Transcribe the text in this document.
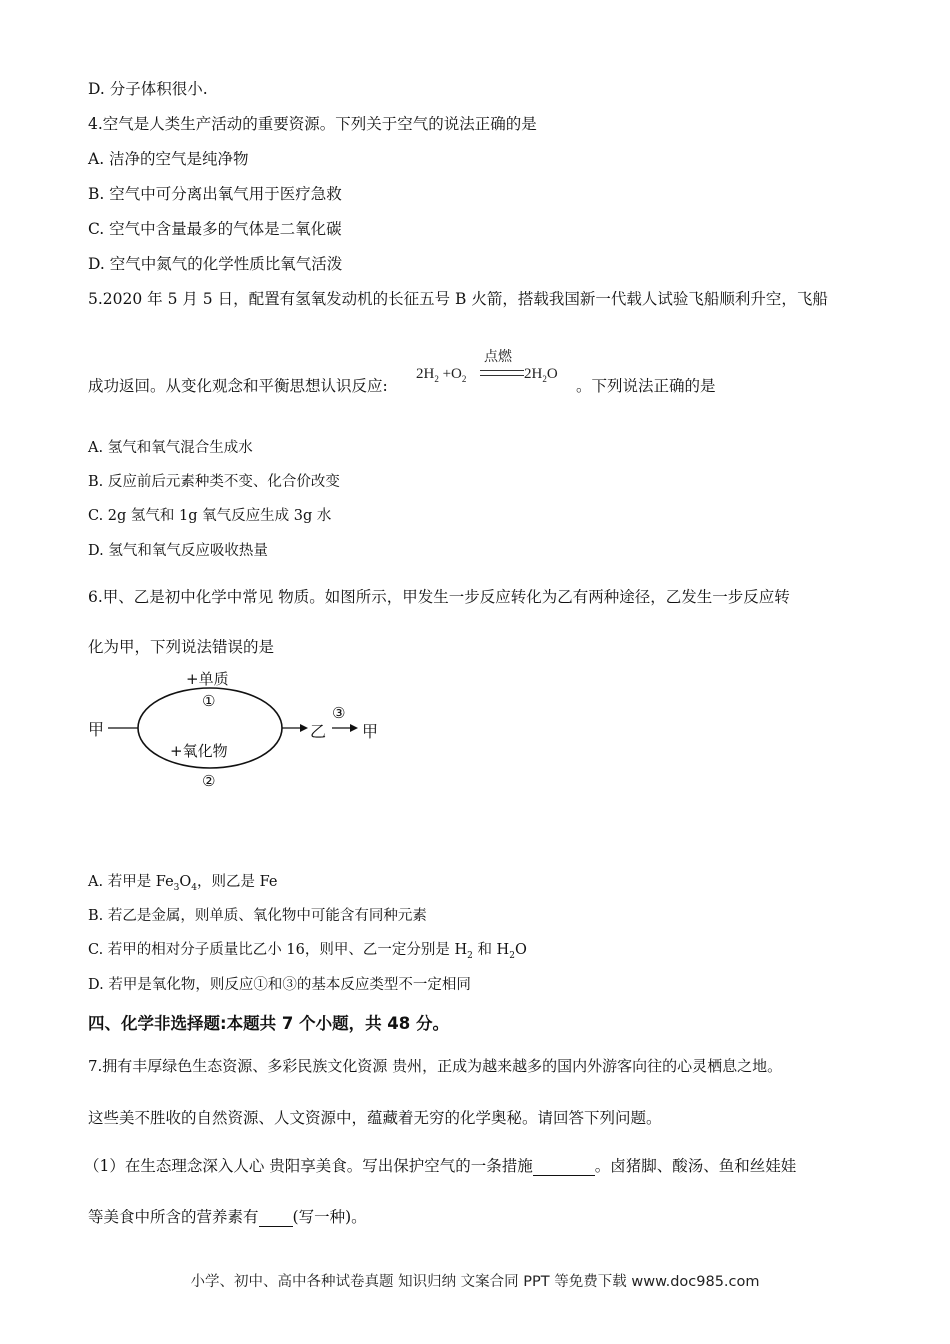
D. 分子体积很小.
4.空气是人类生产活动的重要资源。下列关于空气的说法正确的是
A. 洁净的空气是纯净物
B. 空气中可分离出氧气用于医疗急救
C. 空气中含量最多的气体是二氧化碳
D. 空气中氮气的化学性质比氧气活泼
5.2020 年 5 月 5 日，配置有氢氧发动机的长征五号 B 火箭，搭载我国新一代载人试验飞船顺利升空，飞船
成功返回。从变化观念和平衡思想认识反应:
点燃
$2H_2 +O_2$	$2H_2O$
。下列说法正确的是
A. 氢气和氧气混合生成水
B. 反应前后元素种类不变、化合价改变
C. 2g 氢气和 1g 氧气反应生成 3g 水
D. 氢气和氧气反应吸收热量
6.甲、乙是初中化学中常见 物质。如图所示，甲发生一步反应转化为乙有两种途径，乙发生一步反应转
化为甲，下列说法错误的是
甲
+单质
①
+氧化物
②
乙
③
甲
A. 若甲是 $Fe_3O_4$，则乙是 Fe
B. 若乙是金属，则单质、氧化物中可能含有同种元素
C. 若甲的相对分子质量比乙小 16，则甲、乙一定分别是 $H_2$ 和 $H_2O$
D. 若甲是氧化物，则反应①和③的基本反应类型不一定相同
四、化学非选择题:本题共 7 个小题，共 48 分。
7.拥有丰厚绿色生态资源、多彩民族文化资源 贵州，正成为越来越多的国内外游客向往的心灵栖息之地。
这些美不胜收的自然资源、人文资源中，蕴藏着无穷的化学奥秘。请回答下列问题。
（1）在生态理念深入人心 贵阳享美食。写出保护空气的一条措施	。卤猪脚、酸汤、鱼和丝娃娃
等美食中所含的营养素有 (写一种)。
小学、初中、高中各种试卷真题 知识归纳 文案合同 PPT 等免费下载 www.doc985.com
